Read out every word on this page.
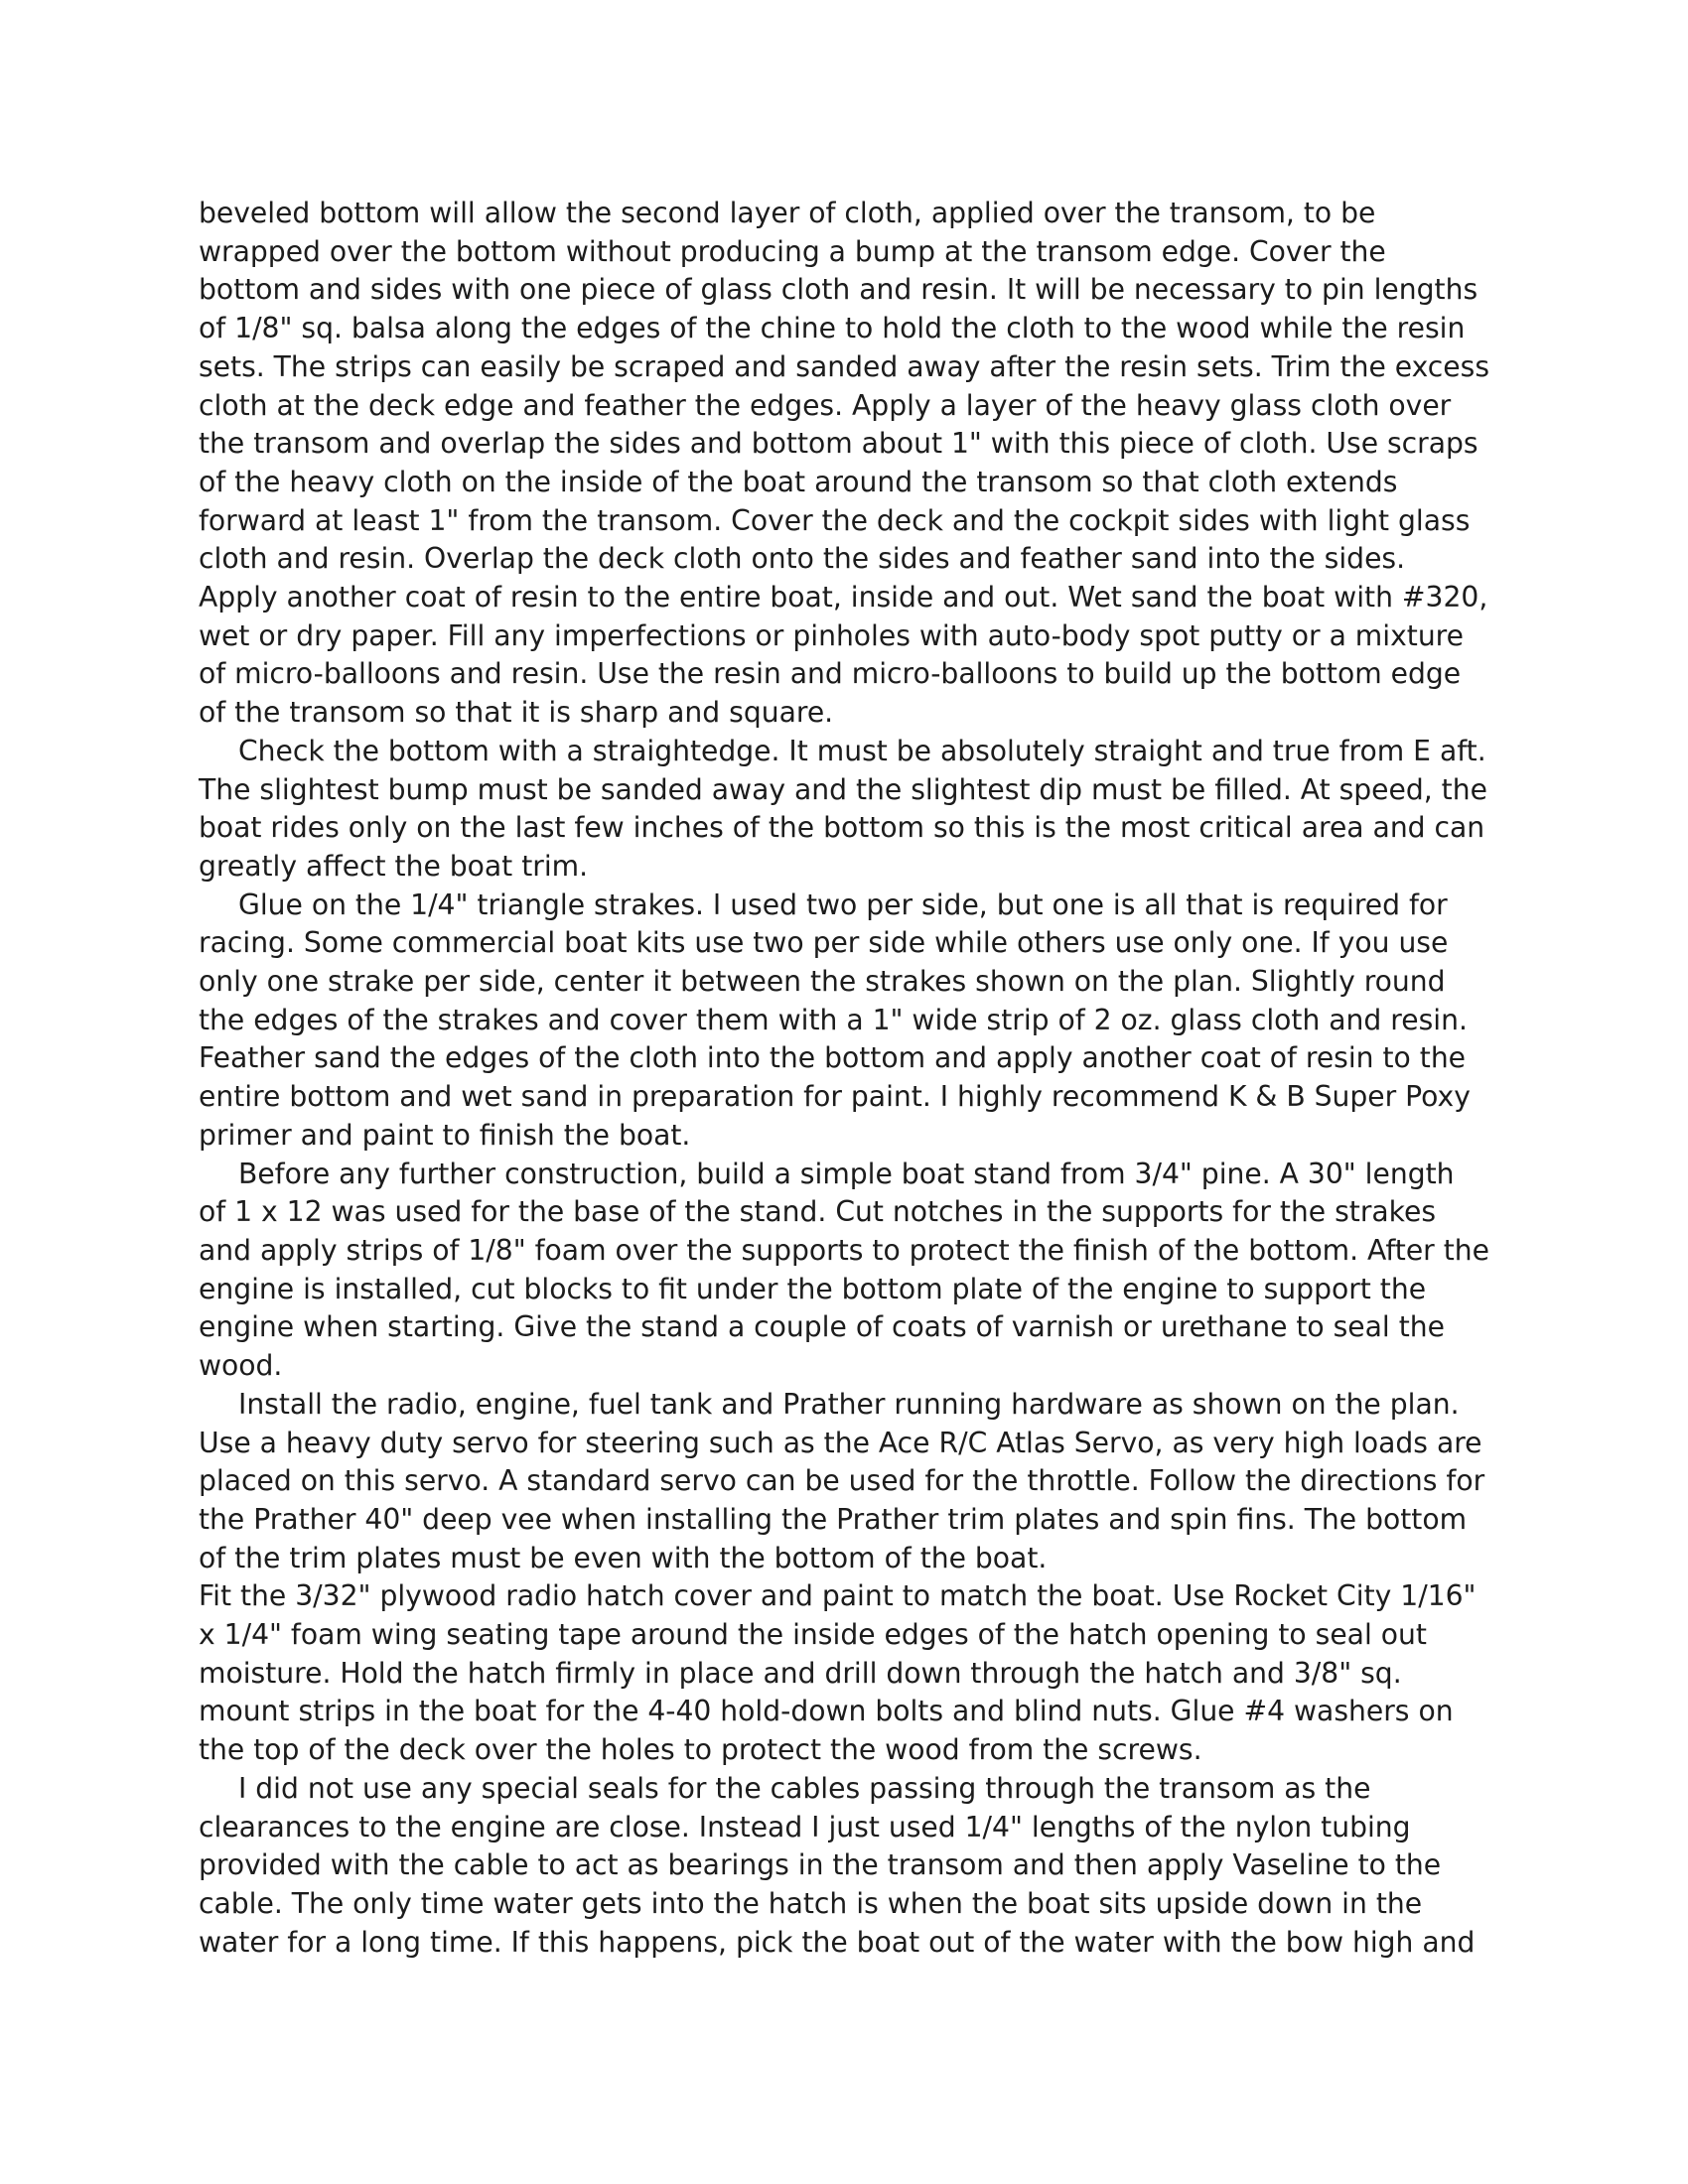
beveled bottom will allow the second layer of cloth, applied over the transom, to be wrapped over the bottom without producing a bump at the transom edge. Cover the bottom and sides with one piece of glass cloth and resin. It will be necessary to pin lengths of 1/8" sq. balsa along the edges of the chine to hold the cloth to the wood while the resin sets. The strips can easily be scraped and sanded away after the resin sets. Trim the excess cloth at the deck edge and feather the edges. Apply a layer of the heavy glass cloth over the transom and overlap the sides and bottom about 1" with this piece of cloth. Use scraps of the heavy cloth on the inside of the boat around the transom so that cloth extends forward at least 1" from the transom. Cover the deck and the cockpit sides with light glass cloth and resin. Overlap the deck cloth onto the sides and feather sand into the sides. Apply another coat of resin to the entire boat, inside and out. Wet sand the boat with #320, wet or dry paper. Fill any imperfections or pinholes with auto-body spot putty or a mixture of micro-balloons and resin. Use the resin and micro-balloons to build up the bottom edge of the transom so that it is sharp and square.

Check the bottom with a straightedge. It must be absolutely straight and true from E aft. The slightest bump must be sanded away and the slightest dip must be filled. At speed, the boat rides only on the last few inches of the bottom so this is the most critical area and can greatly affect the boat trim.

Glue on the 1/4" triangle strakes. I used two per side, but one is all that is required for racing. Some commercial boat kits use two per side while others use only one. If you use only one strake per side, center it between the strakes shown on the plan. Slightly round the edges of the strakes and cover them with a 1" wide strip of 2 oz. glass cloth and resin. Feather sand the edges of the cloth into the bottom and apply another coat of resin to the entire bottom and wet sand in preparation for paint. I highly recommend K & B Super Poxy primer and paint to finish the boat.

Before any further construction, build a simple boat stand from 3/4" pine. A 30" length of 1 x 12 was used for the base of the stand. Cut notches in the supports for the strakes and apply strips of 1/8" foam over the supports to protect the finish of the bottom. After the engine is installed, cut blocks to fit under the bottom plate of the engine to support the engine when starting. Give the stand a couple of coats of varnish or urethane to seal the wood.

Install the radio, engine, fuel tank and Prather running hardware as shown on the plan. Use a heavy duty servo for steering such as the Ace R/C Atlas Servo, as very high loads are placed on this servo. A standard servo can be used for the throttle. Follow the directions for the Prather 40" deep vee when installing the Prather trim plates and spin fins. The bottom of the trim plates must be even with the bottom of the boat.

Fit the 3/32" plywood radio hatch cover and paint to match the boat. Use Rocket City 1/16" x 1/4" foam wing seating tape around the inside edges of the hatch opening to seal out moisture. Hold the hatch firmly in place and drill down through the hatch and 3/8" sq. mount strips in the boat for the 4-40 hold-down bolts and blind nuts. Glue #4 washers on the top of the deck over the holes to protect the wood from the screws.

I did not use any special seals for the cables passing through the transom as the clearances to the engine are close. Instead I just used 1/4" lengths of the nylon tubing provided with the cable to act as bearings in the transom and then apply Vaseline to the cable. The only time water gets into the hatch is when the boat sits upside down in the water for a long time. If this happens, pick the boat out of the water with the bow high and
